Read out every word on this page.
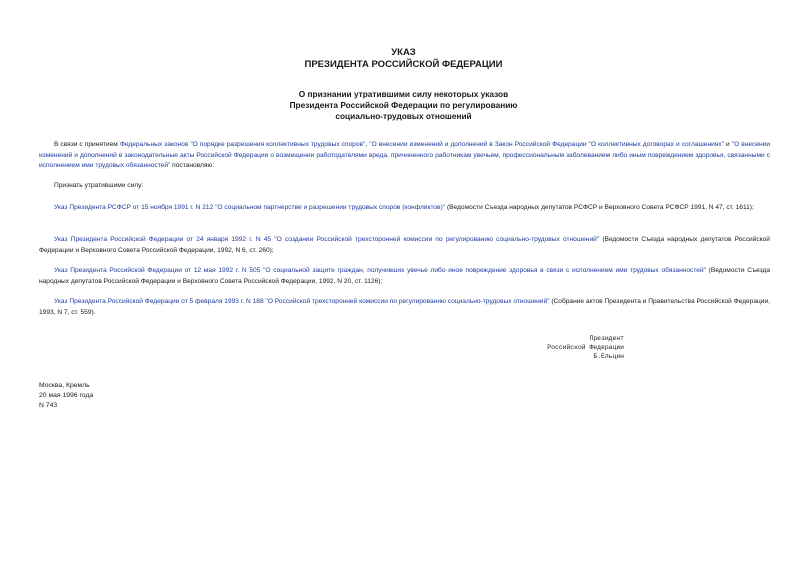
УКАЗ
ПРЕЗИДЕНТА РОССИЙСКОЙ ФЕДЕРАЦИИ
О признании утратившими силу некоторых указов
Президента Российской Федерации по регулированию
социально-трудовых отношений
В связи с принятием Федеральных законов "О порядке разрешения коллективных трудовых споров", "О внесении изменений и дополнений в Закон Российской Федерации "О коллективных договорах и соглашениях" и "О внесении изменений и дополнений в законодательные акты Российской Федерации о возмещении работодателями вреда, причиненного работникам увечьем, профессиональным заболеванием либо иным повреждением здоровья, связанными с исполнением ими трудовых обязанностей" постановляю:
Признать утратившими силу:
Указ Президента РСФСР от 15 ноября 1991 г. N 212 "О социальном партнерстве и разрешении трудовых споров (конфликтов)" (Ведомости Съезда народных депутатов РСФСР и Верховного Совета РСФСР 1991, N 47, ст. 1611);
Указ Президента Российской Федерации от 24 января 1992 г. N 45 "О создании Российской трехсторонней комиссии по регулированию социально-трудовых отношений" (Ведомости Съезда народных депутатов Российской Федерации и Верховного Совета Российской Федерации, 1992, N 6, ст. 260);
Указ Президента Российской Федерации от 12 мая 1992 г. N 505 "О социальной защите граждан, получивших увечье либо иное повреждение здоровья в связи с исполнением ими трудовых обязанностей" (Ведомости Съезда народных депутатов Российской Федерации и Верховного Совета Российской Федерации, 1992, N 20, ст. 1126);
Указ Президента Российской Федерации от 5 февраля 1993 г. N 188 "О Российской трехсторонней комиссии по регулированию социально-трудовых отношений" (Собрание актов Президента и Правительства Российской Федерации, 1993, N 7, ст. 559).
Президент
Российской Федерации
Б.Ельцин
Москва, Кремль
20 мая 1996 года
N 743
